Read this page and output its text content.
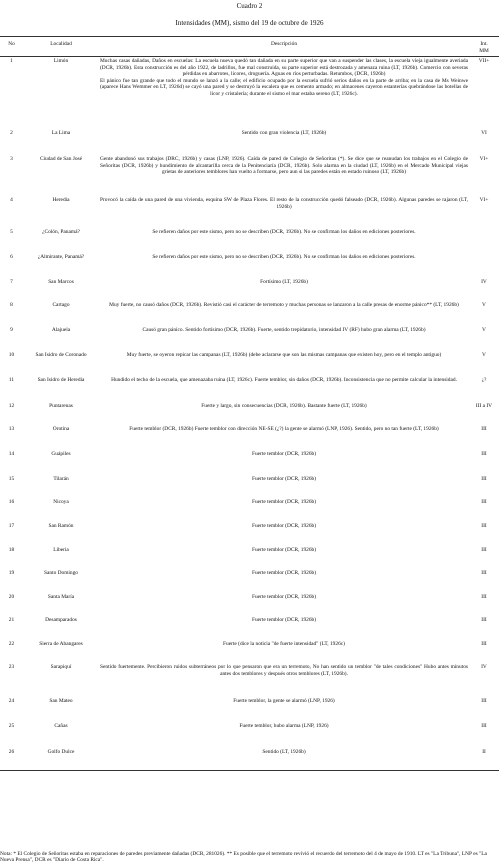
Cuadro 2
Intensidades (MM), sismo del 19 de octubre de 1926
No	Localidad	Descripción	Int.
MM
1	Limón	Muchas casas dañadas, Daños en escuelas: La escuela nueva quedó tan dañada en su parte superior que van a suspender las clases, la escuela vieja igualmente averiada (DCR, 1926b). Esta construcción es del año 1922, de ladrillos, fue mal construida, su parte superior está destrozada y amenaza ruina (LT, 1926b). Comercio con severas pérdidas en abarrotes, licores, droguería. Aguas en ríos perturbadas. Retumbos, (DCR, 1926b)
El pánico fue tan grande que todo el mundo se lanzó a la calle; el edificio ocupado por la escuela sufrió serios daños en la parte de arriba; en la casa de Ms Weinwe (aparece Hans Wemmer en LT, 1926d) se cayó una pared y se destruyó la escalera que es cemento armado; en almacenes cayeron estanterías quebrándose las botellas de licor y cristalería; durante el sismo el mar estaba sereno (LT, 1926c).	VII+
2	La Lima	Sentido con gran violencia (LT, 1926b)	VI
3	Ciudad de San José	Gente abandonó sus trabajos (DRC, 1926b) y casas (LNP, 1926). Caída de pared de Colegio de Señoritas (*). Se dice que se reanudan los trabajos en el Colegio de Señoritas (DCR, 1926b) y hundimiento de alcantarilla cerca de la Penitenciaría (DCR, 1926b). Solo alarma en la ciudad (LT, 1926b) en el Mercado Municipal viejas grietas de anteriores temblores han vuelto a formarse, pero aun si las paredes están en estado ruinoso (LT, 1926b)	VI+
4	Heredia	Provocó la caída de una pared de una vivienda, esquina SW de Plaza Flores. El resto de la construcción quedó falseado (DCR, 1926b). Algunas paredes se rajaron (LT, 1926b)	VI+
5	¿Colón, Panamá?	Se refieren daños por este sismo, pero no se describen (DCR, 1926b). No se confirman los daños en ediciones posteriores.	
6	¿Almirante, Panamá?	Se refieren daños por este sismo, pero no se describen (DCR, 1926b). No se confirman los daños en ediciones posteriores.	
7	San Marcos	Fortísimo (LT, 1926b)	IV
8	Cartago	Muy fuerte, no causó daños (DCR, 1926b). Revistió casi el carácter de terremoto y muchas personas se lanzaron a la calle presas de enorme pánico** (LT, 1926b)	V
9	Alajuela	Causó gran pánico. Sentido fortísimo (DCR, 1926b). Fuerte, sentido trepidatorio, intensidad IV (RF) hubo gran alarma (LT, 1926b)	V
10	San Isidro de Coronado	Muy fuerte, se oyeron repicar las campanas (LT, 1926b) (debe aclararse que son las mismas campanas que existen hoy, pero en el templo antiguo)	V
11	San Isidro de Heredia	Hundido el techo de la escuela, que amenazaba ruina (LT, 1926c). Fuerte temblor, sin daños (DCR, 1926b). Inconsistencia que no permite calcular la intensidad.	¿?
12	Puntarenas	Fuerte y largo, sin consecuencias (DCR, 1926b). Bastante fuerte (LT, 1926b)	III a IV
13	Orotina	Fuerte temblor (DCR, 1926b) Fuerte temblor con dirección NE-SE (¿?) la gente se alarmó (LNP, 1926). Sentido, pero no tan fuerte (LT, 1926b)	III
14	Guápiles	Fuerte temblor (DCR, 1926b)	III
15	Tilarán	Fuerte temblor (DCR, 1926b)	III
16	Nicoya	Fuerte temblor (DCR, 1926b)	III
17	San Ramón	Fuerte temblor (DCR, 1926b)	III
18	Liberia	Fuerte temblor (DCR, 1926b)	III
19	Santo Domingo	Fuerte temblor (DCR, 1926b)	III
20	Santa María	Fuerte temblor (DCR, 1926b)	III
21	Desamparados	Fuerte temblor (DCR, 1926b)	III
22	Sierra de Abangares	Fuerte (dice la noticia "de fuerte intensidad" (LT, 1926c)	III
23	Sarapiquí	Sentido fuertemente. Percibieron ruidos subterráneos por lo que pensaron que era un terremoto, No han sentido un temblor "de tales condiciones" Hubo antes minutos antes dos temblores y después otros temblores (LT, 1926b).	IV
24	San Mateo	Fuerte temblor, la gente se alarmó (LNP, 1926)	III
25	Cañas	Fuerte temblor, hubo alarma (LNP, 1926)	III
26	Golfo Dulce	Sentido (LT, 1926b)	II
Nota: * El Colegio de Señoritas estaba en reparaciones de paredes previamente dañadas (DCR, 281026). ** Es posible que el terremoto revivió el recuerdo del terremoto del 4 de mayo de 1910. LT es "La Tribuna", LNP es "La Nueva Prensa", DCR es "Diario de Costa Rica".
